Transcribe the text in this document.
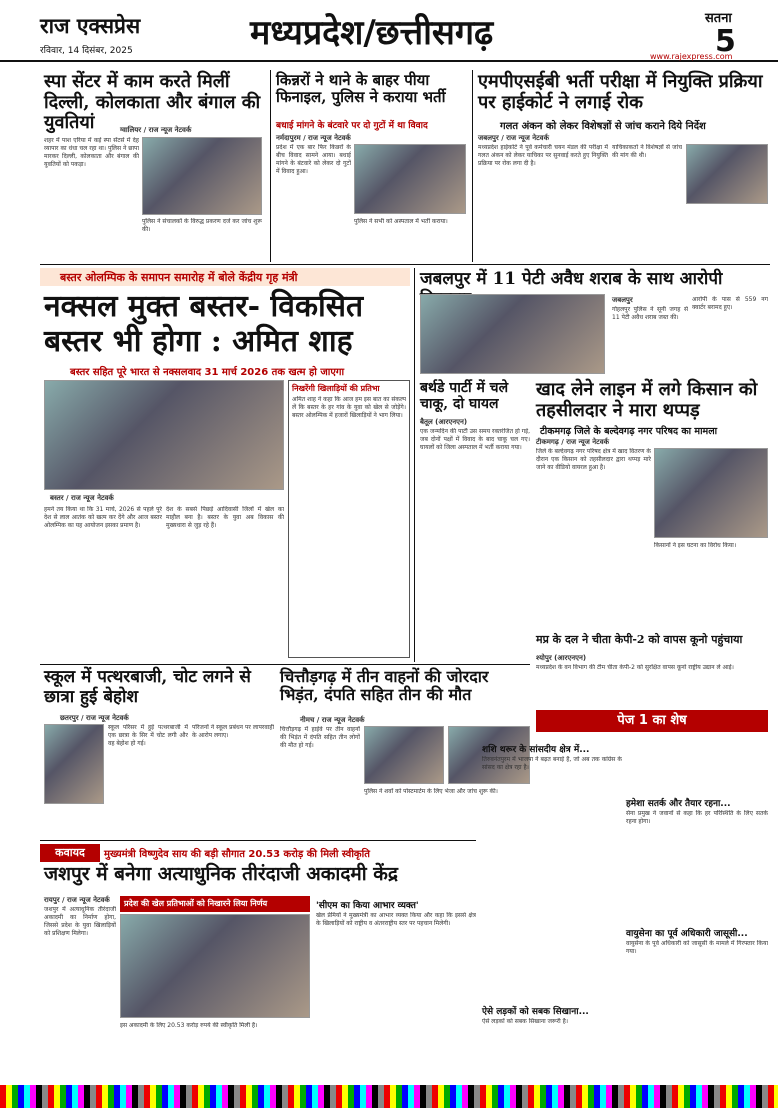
राज एक्सप्रेस
रविवार, 14 दिसंबर, 2025	मध्यप्रदेश/छत्तीसगढ़	सतना
5
www.rajexpress.com
स्पा सेंटर में काम करते मिलीं दिल्ली, कोलकाता और बंगाल की युवतियां	ग्वालियर / राज न्यूज नेटवर्क
शहर में पाश एरिया में कई स्पा सेंटर्स में देह व्यापार का धंधा चल रहा था। पुलिस ने छापा मारकर दिल्ली, कोलकाता और बंगाल की युवतियों को पकड़ा।
पुलिस ने संचालकों के विरुद्ध प्रकरण दर्ज कर जांच शुरू की।
किन्नरों ने थाने के बाहर पीया फिनाइल, पुलिस ने कराया भर्ती
बधाई मांगने के बंटवारे पर दो गुटों में था विवाद
नर्मदापुरम / राज न्यूज नेटवर्क
प्रदेश में एक बार फिर किन्नरों के बीच विवाद सामने आया। बधाई मांगने के बंटवारे को लेकर दो गुटों में विवाद हुआ।
पुलिस ने सभी को अस्पताल में भर्ती कराया।
एमपीएसईबी भर्ती परीक्षा में नियुक्ति प्रक्रिया पर हाईकोर्ट ने लगाई रोक
गलत अंकन को लेकर विशेषज्ञों से जांच कराने दिये निर्देश
जबलपुर / राज न्यूज नेटवर्क
मध्यप्रदेश हाईकोर्ट ने पूर्व कर्मचारी चयन मंडल की परीक्षा में गलत अंकन को लेकर याचिका पर सुनवाई करते हुए नियुक्ति प्रक्रिया पर रोक लगा दी है।
याचिकाकर्ता ने विशेषज्ञों से जांच की मांग की थी।
बस्तर ओलम्पिक के समापन समारोह में बोले केंद्रीय गृह मंत्री
नक्सल मुक्त बस्तर- विकसित बस्तर भी होगा : अमित शाह
बस्तर सहित पूरे भारत से नक्सलवाद 31 मार्च 2026 तक खत्म हो जाएगा
बस्तर / राज न्यूज नेटवर्क
हमने तय किया था कि 31 मार्च, 2026 से पहले पूरे देश से लाल आतंक को खत्म कर देंगे और आज बस्तर ओलम्पिक का यह आयोजन इसका प्रमाण है।
देश के सबसे पिछड़े आदिवासी जिलों में खेल का माहौल बना है। बस्तर के युवा अब विकास की मुख्यधारा से जुड़ रहे हैं।
निखरेंगी खिलाड़ियों की प्रतिभा
अमित शाह ने कहा कि आज हम इस बात का संकल्प लें कि बस्तर के हर गांव के युवा को खेल से जोड़ेंगे। बस्तर ओलम्पिक में हजारों खिलाड़ियों ने भाग लिया।
जबलपुर में 11 पेटी अवैध शराब के साथ आरोपी
जबलपुर
गोहलपुर पुलिस ने सूनी जगह से 11 पेटी अवैध शराब जब्त की।
आरोपी के पास से 559 नग क्वार्टर बरामद हुए।
बर्थडे पार्टी में चले चाकू, दो घायल
बैतूल (आरएनएन)
एक जन्मदिन की पार्टी उस समय रक्तरंजित हो गई, जब दोनों पक्षों में विवाद के बाद चाकू चल गए। घायलों को जिला अस्पताल में भर्ती कराया गया।
खाद लेने लाइन में लगे किसान को तहसीलदार ने मारा थप्पड़
टीकमगढ़ जिले के बल्देवगढ़ नगर परिषद का मामला
टीकमगढ़ / राज न्यूज नेटवर्क
जिले के बल्देवगढ़ नगर परिषद क्षेत्र में खाद वितरण के दौरान एक किसान को तहसीलदार द्वारा थप्पड़ मारे जाने का वीडियो वायरल हुआ है।
किसानों ने इस घटना का विरोध किया।
मप्र के दल ने चीता केपी-2 को वापस कूनो पहुंचाया
श्योपुर (आरएनएन)
मध्यप्रदेश के वन विभाग की टीम चीता केपी-2 को सुरक्षित वापस कूनो राष्ट्रीय उद्यान ले आई।
स्कूल में पत्थरबाजी, चोट लगने से छात्रा हुई बेहोश
छतरपुर / राज न्यूज नेटवर्क
स्कूल परिसर में हुई पत्थरबाजी में एक छात्रा के सिर में चोट लगी और वह बेहोश हो गई।
परिजनों ने स्कूल प्रबंधन पर लापरवाही के आरोप लगाए।
चित्तौड़गढ़ में तीन वाहनों की जोरदार भिड़ंत, दंपति सहित तीन की मौत
नीमच / राज न्यूज नेटवर्क
चित्तौड़गढ़ में हाईवे पर तीन वाहनों की भिड़ंत में दंपति सहित तीन लोगों की मौत हो गई।
पुलिस ने शवों को पोस्टमार्टम के लिए भेजा और जांच शुरू की।
पेज 1 का शेष
शशि थरूर के सांसदीय क्षेत्र में...
तिरुवनंतपुरम में भाजपा ने बढ़त बनाई है, जो अब तक कांग्रेस के सांसद का क्षेत्र रहा है।
हमेशा सतर्क और तैयार रहना...
सेना प्रमुख ने जवानों से कहा कि हर परिस्थिति के लिए सतर्क रहना होगा।
वायुसेना का पूर्व अधिकारी जासूसी...
वायुसेना के पूर्व अधिकारी को जासूसी के मामले में गिरफ्तार किया गया।
ऐसे लड़कों को सबक सिखाना...
ऐसे लड़कों को सबक सिखाना जरूरी है।
कवायद	मुख्यमंत्री विष्णुदेव साय की बड़ी सौगात 20.53 करोड़ की मिली स्वीकृति
जशपुर में बनेगा अत्याधुनिक तीरंदाजी अकादमी केंद्र
रायपुर / राज न्यूज नेटवर्क
जशपुर में अत्याधुनिक तीरंदाजी अकादमी का निर्माण होगा, जिससे प्रदेश के युवा खिलाड़ियों को प्रशिक्षण मिलेगा।
प्रदेश की खेल प्रतिभाओं को निखारने लिया निर्णय
इस अकादमी के लिए 20.53 करोड़ रुपये की स्वीकृति मिली है।
'सीएम का किया आभार व्यक्त'
खेल प्रेमियों ने मुख्यमंत्री का आभार व्यक्त किया और कहा कि इससे क्षेत्र के खिलाड़ियों को राष्ट्रीय व अंतरराष्ट्रीय स्तर पर पहचान मिलेगी।
